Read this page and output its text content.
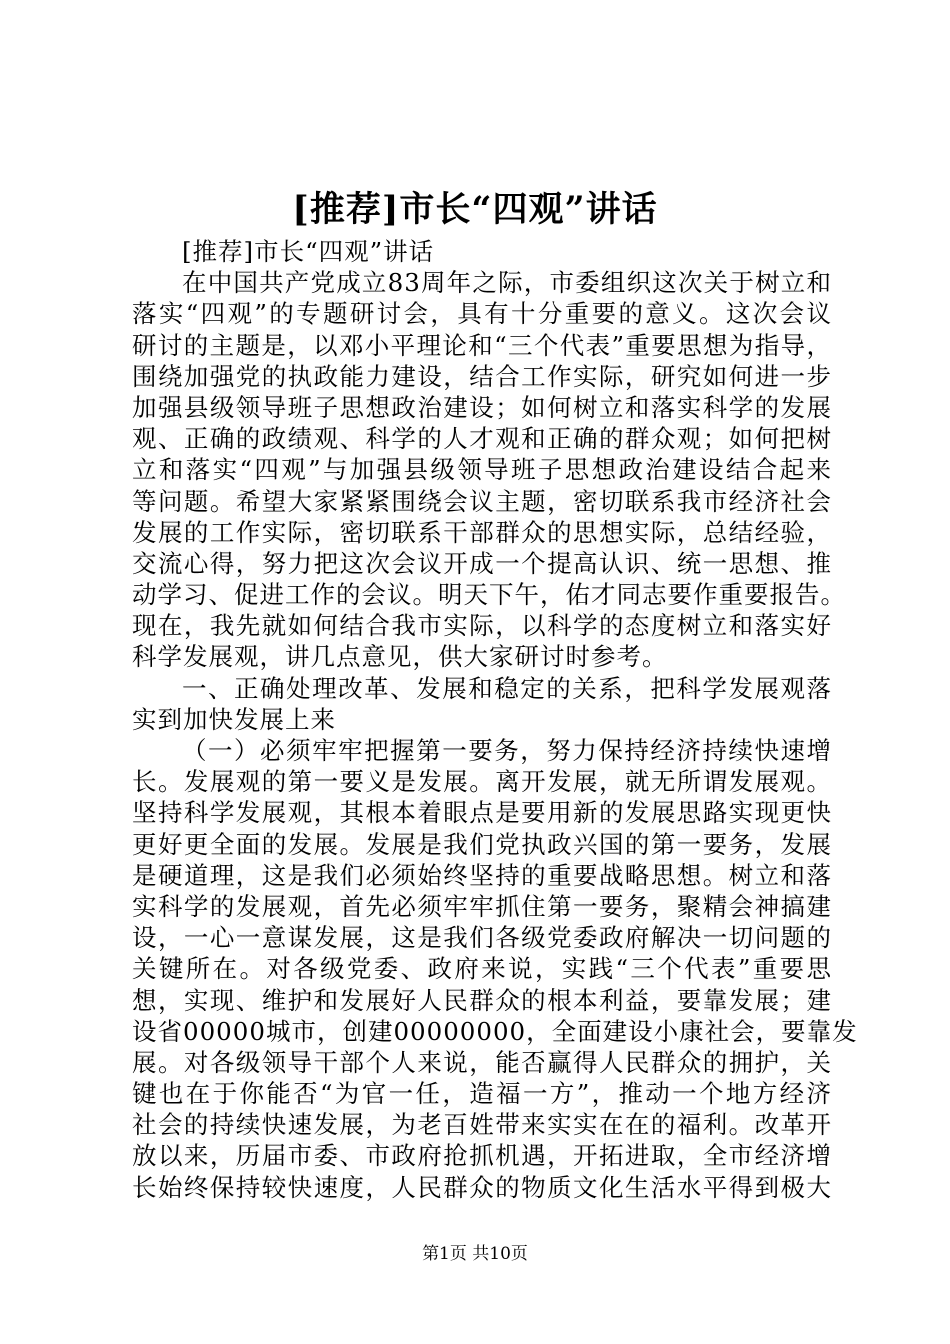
[推荐]市长“四观”讲话

[推荐]市长“四观”讲话

在中国共产党成立83周年之际，市委组织这次关于树立和

落实“四观”的专题研讨会，具有十分重要的意义。这次会议

研讨的主题是，以邓小平理论和“三个代表”重要思想为指导，

围绕加强党的执政能力建设，结合工作实际，研究如何进一步

加强县级领导班子思想政治建设；如何树立和落实科学的发展

观、正确的政绩观、科学的人才观和正确的群众观；如何把树

立和落实“四观”与加强县级领导班子思想政治建设结合起来

等问题。希望大家紧紧围绕会议主题，密切联系我市经济社会

发展的工作实际，密切联系干部群众的思想实际，总结经验，

交流心得，努力把这次会议开成一个提高认识、统一思想、推

动学习、促进工作的会议。明天下午，佑才同志要作重要报告。

现在，我先就如何结合我市实际，以科学的态度树立和落实好

科学发展观，讲几点意见，供大家研讨时参考。

一、正确处理改革、发展和稳定的关系，把科学发展观落

实到加快发展上来

（一）必须牢牢把握第一要务，努力保持经济持续快速增

长。发展观的第一要义是发展。离开发展，就无所谓发展观。

坚持科学发展观，其根本着眼点是要用新的发展思路实现更快

更好更全面的发展。发展是我们党执政兴国的第一要务，发展

是硬道理，这是我们必须始终坚持的重要战略思想。树立和落

实科学的发展观，首先必须牢牢抓住第一要务，聚精会神搞建

设，一心一意谋发展，这是我们各级党委政府解决一切问题的

关键所在。对各级党委、政府来说，实践“三个代表”重要思

想，实现、维护和发展好人民群众的根本利益，要靠发展；建

设省00000城市，创建00000000，全面建设小康社会，要靠发

展。对各级领导干部个人来说，能否赢得人民群众的拥护，关

键也在于你能否“为官一任，造福一方”，推动一个地方经济

社会的持续快速发展，为老百姓带来实实在在的福利。改革开

放以来，历届市委、市政府抢抓机遇，开拓进取，全市经济增

长始终保持较快速度，人民群众的物质文化生活水平得到极大

第1页 共10页
